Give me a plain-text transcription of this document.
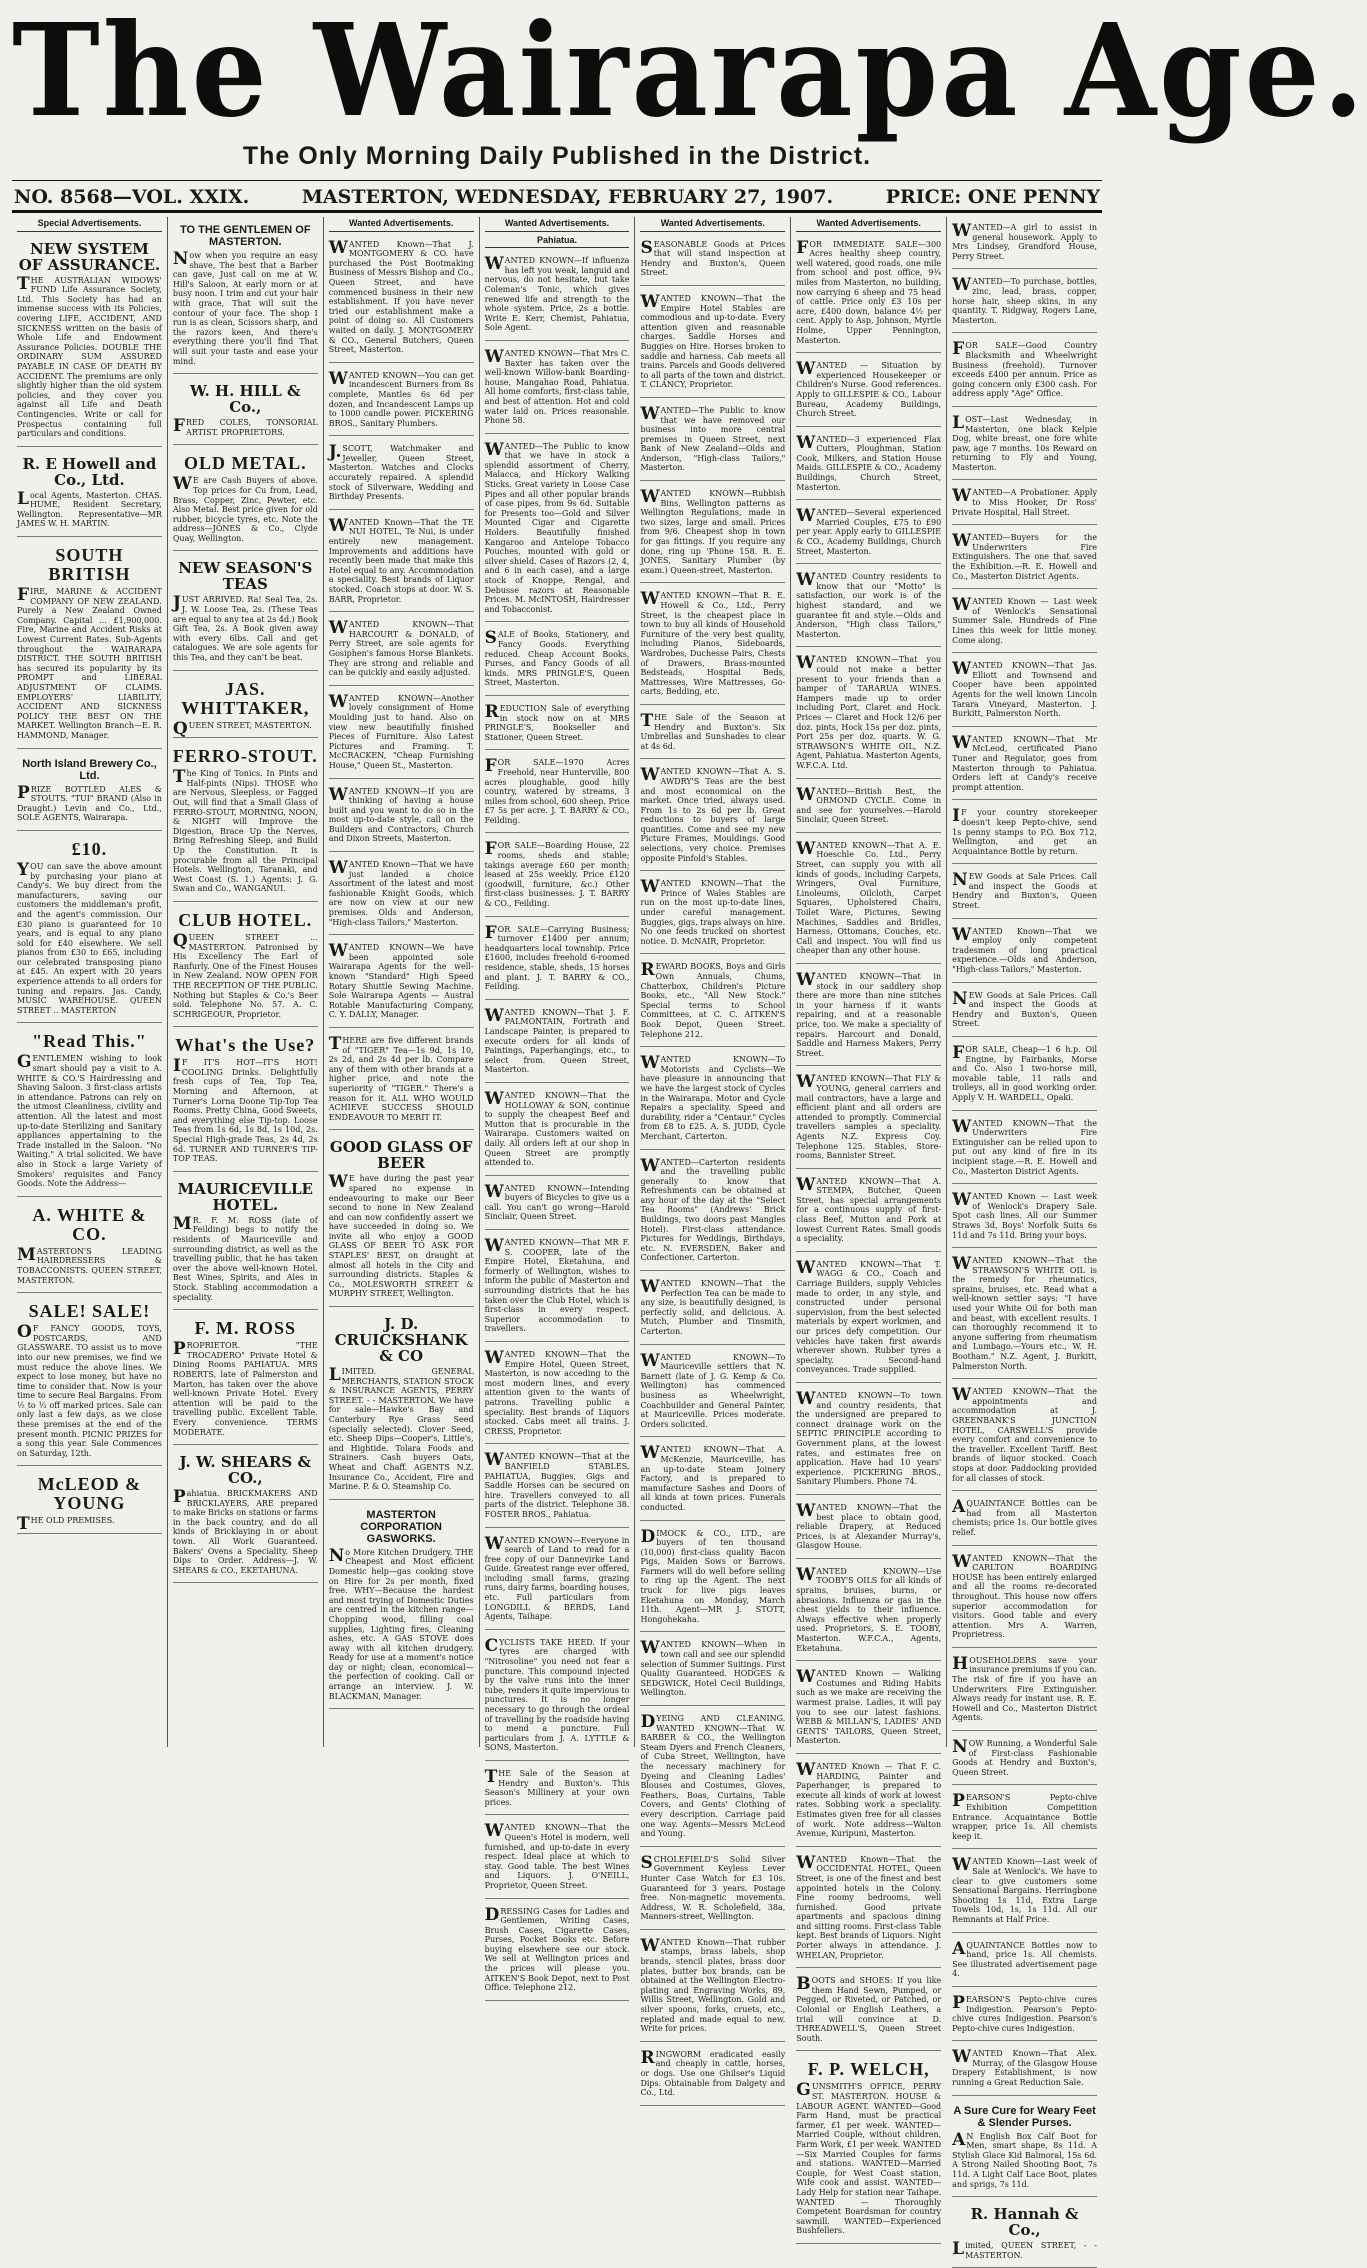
The Wairarapa Age.
The Only Morning Daily Published in the District.
NO. 8568—VOL. XXIX.	MASTERTON, WEDNESDAY, FEBRUARY 27, 1907.	PRICE: ONE PENNY
Special Advertisements.
NEW SYSTEM OF ASSURANCE.

THE AUSTRALIAN WIDOWS' FUND Life Assurance Society, Ltd. This Society has had an immense success with its Policies, covering LIFE, ACCIDENT, AND SICKNESS written on the basis of Whole Life and Endowment Assurance Policies. DOUBLE THE ORDINARY SUM ASSURED PAYABLE IN CASE OF DEATH BY ACCIDENT. The premiums are only slightly higher than the old system policies, and they cover you against all Life and Death Contingencies. Write or call for Prospectus containing full particulars and conditions.

R. E Howell and Co., Ltd.

Local Agents, Masterton. CHAS. HUME, Resident Secretary, Wellington. Representative—MR JAMES W. H. MARTIN.

SOUTH BRITISH

FIRE, MARINE & ACCIDENT COMPANY OF NEW ZEALAND. Purely a New Zealand Owned Company. Capital ... £1,900,000. Fire, Marine and Accident Risks at Lowest Current Rates. Sub-Agents throughout the WAIRARAPA DISTRICT. THE SOUTH BRITISH has secured its popularity by its PROMPT and LIBERAL ADJUSTMENT OF CLAIMS. EMPLOYERS' LIABILITY, ACCIDENT AND SICKNESS POLICY THE BEST ON THE MARKET. Wellington Branch—E. R. HAMMOND, Manager.

North Island Brewery Co., Ltd.

PRIZE BOTTLED ALES & STOUTS. "TUI" BRAND (Also in Draught.) Levin and Co., Ltd., SOLE AGENTS, Wairarapa.

£10.

YOU can save the above amount by purchasing your piano at Candy's. We buy direct from the manufacturers, saving our customers the middleman's profit, and the agent's commission. Our £30 piano is guaranteed for 10 years, and is equal to any piano sold for £40 elsewhere. We sell pianos from £30 to £65, including our celebrated transposing piano at £45. An expert with 20 years experience attends to all orders for tuning and repairs. Jas. Candy, MUSIC WAREHOUSE. QUEEN STREET .. MASTERTON

"Read This."

GENTLEMEN wishing to look smart should pay a visit to A. WHITE & CO.'S Hairdressing and Shaving Saloon. 3 first-class artists in attendance. Patrons can rely on the utmost Cleanliness, civility and attention. All the latest and most up-to-date Sterilizing and Sanitary appliances appertaining to the Trade installed in the Saloon. "No Waiting." A trial solicited. We have also in Stock a large Variety of Smokers' requisites and Fancy Goods. Note the Address—

A. WHITE & CO.

MASTERTON'S LEADING HAIRDRESSERS & TOBACCONISTS. QUEEN STREET, MASTERTON.

SALE! SALE!

OF FANCY GOODS, TOYS, POSTCARDS, AND GLASSWARE. TO assist us to move into our new premises, we find we must reduce the above lines. We expect to lose money, but have no time to consider that. Now is your time to secure Real Bargains. From ½ to ⅓ off marked prices. Sale can only last a few days, as we close these premises at the end of the present month. PICNIC PRIZES for a song this year. Sale Commences on Saturday, 12th.

McLEOD & YOUNG

THE OLD PREMISES.

TO THE GENTLEMEN OF MASTERTON.

Now when you require an easy shave, The best that a Barber can gave, Just call on me at W. Hill's Saloon, At early morn or at busy noon. I trim and cut your hair with grace, That will suit the contour of your face. The shop I run is as clean, Scissors sharp, and the razors keen, And there's everything there you'll find That will suit your taste and ease your mind.

W. H. HILL & Co.,

FRED COLES, TONSORIAL ARTIST. PROPRIETORS.

OLD METAL.

WE are Cash Buyers of above. Top prices for Cu from, Lead, Brass, Copper, Zinc, Pewter, etc. Also Metal. Best price given for old rubber, bicycle tyres, etc. Note the address—JONES & Co., Clyde Quay, Wellington.

NEW SEASON'S TEAS

JUST ARRIVED. Ra! Seal Tea, 2s. J. W. Loose Tea, 2s. (These Teas are equal to any tea at 2s 4d.) Book Gift Tea, 2s. A Book given away with every 6lbs. Call and get catalogues. We are sole agents for this Tea, and they can't be beat.

JAS. WHITTAKER,

QUEEN STREET, MASTERTON.

FERRO-STOUT.

The King of Tonics. In Pints and Half-pints (Nips). THOSE who are Nervous, Sleepless, or Fagged Out, will find that a Small Glass of FERRO-STOUT, MORNING, NOON, & NIGHT will Improve the Digestion, Brace Up the Nerves, Bring Refreshing Sleep, and Build Up the Constitution. It is procurable from all the Principal Hotels. Wellington, Taranaki, and West Coast (S. 1.) Agents: J. G. Swan and Co., WANGANUI.

CLUB HOTEL.

QUEEN STREET ... MASTERTON. Patronised by His Excellency The Earl of Ranfurly. One of the Finest Houses in New Zealand. NOW OPEN FOR THE RECEPTION OF THE PUBLIC. Nothing but Staples & Co.'s Beer sold. Telephone No. 57. A. C. SCHRIGEOUR, Proprietor.

What's the Use?

IF IT'S HOT—IT'S HOT! COOLING Drinks. Delightfully fresh cups of Tea, Top Tea, Morning and Afternoon, at Turner's Lorna Doone Tip-Top Tea Rooms. Pretty China, Good Sweets, and everything else Tip-top. Loose Teas from 1s 6d, 1s 8d, 1s 10d, 2s. Special High-grade Teas, 2s 4d, 2s 6d. TURNER AND TURNER'S TIP-TOP TEAS.

MAURICEVILLE HOTEL.

MR. F. M. ROSS (late of Feilding) begs to notify the residents of Mauriceville and surrounding district, as well as the travelling public, that he has taken over the above well-known Hotel. Best Wines, Spirits, and Ales in Stock. Stabling accommodation a speciality.

F. M. ROSS

PROPRIETOR. "THE TROCADERO" Private Hotel & Dining Rooms PAHIATUA. MRS ROBERTS, late of Palmerston and Marton, has taken over the above well-known Private Hotel. Every attention will be paid to the travelling public. Excellent Table. Every convenience. TERMS MODERATE.

J. W. SHEARS & CO.,

Pahiatua. BRICKMAKERS AND BRICKLAYERS, ARE prepared to make Bricks on stations or farms in the back country, and do all kinds of Bricklaying in or about town. All Work Guaranteed. Bakers' Ovens a Speciality. Sheep Dips to Order. Address—J. W. SHEARS & CO., EKETAHUNA.

Wanted Advertisements.

WANTED Known—That J. MONTGOMERY & CO. have purchased the Post Bootmaking Business of Messrs Bishop and Co., Queen Street, and have commenced business in their new establishment. If you have never tried our establishment make a point of doing so. All Customers waited on daily. J. MONTGOMERY & CO., General Butchers, Queen Street, Masterton.

WANTED KNOWN—You can get incandescent Burners from 8s complete, Mantles 6s 6d per dozen, and Incandescent Lamps up to 1000 candle power. PICKERING BROS., Sanitary Plumbers.

J.SCOTT, Watchmaker and Jeweller, Queen Street, Masterton. Watches and Clocks accurately repaired. A splendid stock of Silverware, Wedding and Birthday Presents.

WANTED Known—That the TE NUI HOTEL, Te Nui, is under entirely new management. Improvements and additions have recently been made that make this Hotel equal to any. Accommodation a speciality. Best brands of Liquor stocked. Coach stops at door. W. S. BARR, Proprietor.

WANTED KNOWN—That HARCOURT & DONALD, of Perry Street, are sole agents for Gosiphen's famous Horse Blankets. They are strong and reliable and can be quickly and easily adjusted.

WANTED KNOWN—Another lovely consignment of Home Moulding just to hand. Also on view new beautifully finished Pieces of Furniture. Also Latest Pictures and Framing. T. McCRACKEN, "Cheap Furnishing House," Queen St., Masterton.

WANTED KNOWN—If you are thinking of having a house built and you want to do so in the most up-to-date style, call on the Builders and Contractors, Church and Dixon Streets, Masterton.

WANTED Known—That we have just landed a choice Assortment of the latest and most fashionable Knight Goods, which are now on view at our new premises. Olds and Anderson, "High-class Tailors," Masterton.

WANTED KNOWN—We have been appointed sole Wairarapa Agents for the well-known "Standard" High Speed Rotary Shuttle Sewing Machine. Sole Wairarapa Agents — Austral Rotable Manufacturing Company, C. Y. DALLY, Manager.

THERE are five different brands of "TIGER" Tea—1s 9d, 1s 10, 2s 2d, and 2s 4d per lb. Compare any of them with other brands at a higher price, and note the superiority of "TIGER." There's a reason for it. ALL WHO WOULD ACHIEVE SUCCESS SHOULD ENDEAVOUR TO MERIT IT.

GOOD GLASS OF BEER

WE have during the past year spared no expense in endeavouring to make our Beer second to none in New Zealand and can now confidently assert we have succeeded in doing so. We invite all who enjoy a GOOD GLASS OF BEER TO ASK FOR STAPLES' BEST, on draught at almost all hotels in the City and surrounding districts. Staples & Co., MOLESWORTH STREET & MURPHY STREET, Wellington.

J. D. CRUICKSHANK & CO

LIMITED. GENERAL MERCHANTS, STATION STOCK & INSURANCE AGENTS, PERRY STREET. - - MASTERTON. We have for sale—Hawke's Bay and Canterbury Rye Grass Seed (specially selected). Clover Seed, etc. Sheep Dips—Cooper's, Little's, and Hightide. Tolara Foods and Strainers. Cash buyers Oats, Wheat and Chaff. AGENTS N.Z. Insurance Co., Accident, Fire and Marine. P. & O. Steamship Co.

MASTERTON CORPORATION GASWORKS.

No More Kitchen Drudgery. THE Cheapest and Most efficient Domestic help—gas cooking stove on Hire for 2s per month, fixed free. WHY—Because the hardest and most trying of Domestic Duties are centred in the kitchen range—Chopping wood, filling coal supplies, Lighting fires, Cleaning ashes, etc. A GAS STOVE does away with all kitchen drudgery. Ready for use at a moment's notice day or night; clean, economical—the perfection of cooking. Call or arrange an interview. J. W. BLACKMAN, Manager.

Wanted Advertisements.
Pahiatua.

WANTED KNOWN—If influenza has left you weak, languid and nervous, do not hesitate, but take Coleman's Tonic, which gives renewed life and strength to the whole system. Price, 2s a bottle. Write E. Kerr, Chemist, Pahiatua, Sole Agent.

WANTED KNOWN—That Mrs C. Baxter has taken over the well-known Willow-bank Boarding-house, Mangahao Road, Pahiatua. All home comforts, first-class table, and best of attention. Hot and cold water laid on. Prices reasonable. Phone 58.

WANTED—The Public to know that we have in stock a splendid assortment of Cherry, Malacca, and Hickory Walking Sticks. Great variety in Loose Case Pipes and all other popular brands of case pipes, from 9s 6d. Suitable for Presents too—Gold and Silver Mounted Cigar and Cigarette Holders. Beautifully finished Kangaroo and Antelope Tobacco Pouches, mounted with gold or silver shield. Cases of Razors (2, 4, and 6 in each case), and a large stock of Knoppe, Rengal, and Debusse razors at Reasonable Prices. M. McINTOSH, Hairdresser and Tobacconist.

SALE of Books, Stationery, and Fancy Goods. Everything reduced. Cheap Account Books, Purses, and Fancy Goods of all kinds. MRS PRINGLE'S, Queen Street, Masterton.

REDUCTION Sale of everything in stock now on at MRS PRINGLE'S, Bookseller and Stationer, Queen Street.

FOR SALE—1970 Acres Freehold, near Hunterville, 800 acres ploughable, good hilly country, watered by streams, 3 miles from school, 600 sheep. Price £7 5s per acre. J. T. BARRY & CO., Feilding.

FOR SALE—Boarding House, 22 rooms, sheds and stable; takings average £60 per month; leased at 25s weekly. Price £120 (goodwill, furniture, &c.) Other first-class businesses. J. T. BARRY & CO., Feilding.

FOR SALE—Carrying Business; turnover £1400 per annum; headquarters local township. Price £1600, includes freehold 6-roomed residence, stable, sheds, 15 horses and plant. J. T. BARRY & CO., Feilding.

WANTED KNOWN—That J. F. PALMONTAIN, Fortrath and Landscape Painter, is prepared to execute orders for all kinds of Paintings, Paperhangings, etc., to select from. Queen Street, Masterton.

WANTED KNOWN—That the HOLLOWAY & SON, continue to supply the cheapest Beef and Mutton that is procurable in the Wairarapa. Customers waited on daily. All orders left at our shop in Queen Street are promptly attended to.

WANTED KNOWN—Intending buyers of Bicycles to give us a call. You can't go wrong—Harold Sinclair, Queen Street.

WANTED KNOWN—That MR F. S. COOPER, late of the Empire Hotel, Eketahuna, and formerly of Wellington, wishes to inform the public of Masterton and surrounding districts that he has taken over the Club Hotel, which is first-class in every respect. Superior accommodation to travellers.

WANTED KNOWN—That the Empire Hotel, Queen Street, Masterton, is now acceding to the most modern lines, and every attention given to the wants of patrons. Travelling public a speciality. Best brands of Liquors stocked. Cabs meet all trains. J. CRESS, Proprietor.

WANTED KNOWN—That at the BANFIELD STABLES, PAHIATUA, Buggies, Gigs and Saddle Horses can be secured on hire. Travellers conveyed to all parts of the district. Telephone 38. FOSTER BROS., Pahiatua.

WANTED KNOWN—Everyone in search of Land to read for a free copy of our Dannevirke Land Guide. Greatest range ever offered, including small farms, grazing runs, dairy farms, boarding houses, etc. Full particulars from LONGDILL & BERDS, Land Agents, Taihape.

CYCLISTS TAKE HEED. If your tyres are charged with "Nitrosoline" you need not fear a puncture. This compound injected by the valve runs into the inner tube, renders it quite impervious to punctures. It is no longer necessary to go through the ordeal of travelling by the roadside having to mend a puncture. Full particulars from J. A. LYTTLE & SONS, Masterton.

THE Sale of the Season at Hendry and Buxton's. This Season's Millinery at your own prices.

WANTED KNOWN—That the Queen's Hotel is modern, well furnished, and up-to-date in every respect. Ideal place at which to stay. Good table. The best Wines and Liquors. J. O'NEILL, Proprietor, Queen Street.

DRESSING Cases for Ladies and Gentlemen, Writing Cases, Brush Cases, Cigarette Cases, Purses, Pocket Books etc. Before buying elsewhere see our stock. We sell at Wellington prices and the prices will please you. AITKEN'S Book Depot, next to Post Office. Telephone 212.

Wanted Advertisements.

SEASONABLE Goods at Prices that will stand inspection at Hendry and Buxton's, Queen Street.

WANTED KNOWN—That the Empire Hotel Stables are commodious and up-to-date. Every attention given and reasonable charges. Saddle Horses and Buggies on Hire. Horses broken to saddle and harness. Cab meets all trains. Parcels and Goods delivered to all parts of the town and district. T. CLANCY, Proprietor.

WANTED—The Public to know that we have removed our business into more central premises in Queen Street, next Bank of New Zealand—Olds and Anderson, "High-class Tailors," Masterton.

WANTED KNOWN—Rubbish Bins, Wellington patterns as Wellington Regulations, made in two sizes, large and small. Prices from 9/6. Cheapest shop in town for gas fittings. If you require any done, ring up 'Phone 158. R. E. JONES, Sanitary Plumber (by exam.) Queen-street, Masterton.

WANTED KNOWN—That R. E. Howell & Co., Ltd., Perry Street, is the cheapest place in town to buy all kinds of Household Furniture of the very best quality, including Pianos, Sideboards, Wardrobes, Duchesse Pairs, Chests of Drawers, Brass-mounted Bedsteads, Hospital Beds, Mattresses, Wire Mattresses, Go-carts, Bedding, etc.

THE Sale of the Season at Hendry and Buxton's. Six Umbrellas and Sunshades to clear at 4s 6d.

WANTED KNOWN—That A. S. AWDRY'S Teas are the best and most economical on the market. Once tried, always used. From 1s to 2s 6d per lb. Great reductions to buyers of large quantities. Come and see my new Picture Frames, Mouldings. Good selections, very choice. Premises opposite Pinfold's Stables.

WANTED KNOWN—That the Prince of Wales Stables are run on the most up-to-date lines, under careful management. Buggies, gigs, traps always on hire. No one feeds trucked on shortest notice. D. McNAIR, Proprietor.

REWARD BOOKS, Boys and Girls Own Annuals, Chums, Chatterbox, Children's Picture Books, etc., "All New Stock." Special terms to School Committees, at C. C. AITKEN'S Book Depot, Queen Street. Telephone 212.

WANTED KNOWN—To Motorists and Cyclists—We have pleasure in announcing that we have the largest stock of Cycles in the Wairarapa. Motor and Cycle Repairs a speciality. Speed and durability, rider a "Centaur." Cycles from £8 to £25. A. S. JUDD, Cycle Merchant, Carterton.

WANTED—Carterton residents and the travelling public generally to know that Refreshments can be obtained at any hour of the day at the "Select Tea Rooms" (Andrews' Brick Buildings, two doors past Mangles Hotel). First-class attendance. Pictures for Weddings, Birthdays, etc. N. EVERSDEN, Baker and Confectioner, Carterton.

WANTED KNOWN—That the Perfection Tea can be made to any size, is beautifully designed, is perfectly solid, and delicious. A. Mutch, Plumber and Tinsmith, Carterton.

WANTED KNOWN—To Mauriceville settlers that N. Barnett (late of J. G. Kemp & Co. Wellington) has commenced business as Wheelwright, Coachbuilder and General Painter, at Mauriceville. Prices moderate. Orders solicited.

WANTED KNOWN—That A. McKenzie, Mauriceville, has an up-to-date Steam Joinery Factory, and is prepared to manufacture Sashes and Doors of all kinds at town prices. Funerals conducted.

DIMOCK & CO., LTD., are buyers of ten thousand (10,000) first-class quality Bacon Pigs, Maiden Sows or Barrows. Farmers will do well before selling to ring up the Agent. The next truck for live pigs leaves Eketahuna on Monday, March 11th. Agent—MR J. STOTT, Hongohekaha.

WANTED KNOWN—When in town call and see our splendid selection of Summer Suitings. First Quality Guaranteed. HODGES & SEDGWICK, Hotel Cecil Buildings, Wellington.

DYEING AND CLEANING. WANTED KNOWN—That W. BARBER & CO., the Wellington Steam Dyers and French Cleaners, of Cuba Street, Wellington, have the necessary machinery for Dyeing and Cleaning Ladies' Blouses and Costumes, Gloves, Feathers, Boas, Curtains, Table Covers, and Gents' Clothing of every description. Carriage paid one way. Agents—Messrs McLeod and Young.

SCHOLEFIELD'S Solid Silver Government Keyless Lever Hunter Case Watch for £3 10s. Guaranteed for 3 years. Postage free. Non-magnetic movements. Address, W. R. Scholefield, 38a, Manners-street, Wellington.

WANTED Known—That rubber stamps, brass labels, shop brands, stencil plates, brass door plates, butter box brands, can be obtained at the Wellington Electro-plating and Engraving Works, 89, Willis Street, Wellington. Gold and silver spoons, forks, cruets, etc., replated and made equal to new. Write for prices.

RINGWORM eradicated easily and cheaply in cattle, horses, or dogs. Use one Ghilser's Liquid Dips. Obtainable from Dalgety and Co., Ltd.

Wanted Advertisements.

FOR IMMEDIATE SALE—300 Acres healthy sheep country, well watered, good roads, one mile from school and post office, 9¾ miles from Masterton, no building, now carrying 6 sheep and 75 head of cattle. Price only £3 10s per acre, £400 down, balance 4½ per cent. Apply to Asp, Johnson, Myrtle Holme, Upper Pennington, Masterton.

WANTED — Situation by experienced Housekeeper or Children's Nurse. Good references. Apply to GILLESPIE & CO., Labour Bureau, Academy Buildings, Church Street.

WANTED—3 experienced Flax Cutters, Ploughman, Station Cook, Milkers, and Station House Maids. GILLESPIE & CO., Academy Buildings, Church Street, Masterton.

WANTED—Several experienced Married Couples, £75 to £90 per year. Apply early to GILLESPIE & CO., Academy Buildings, Church Street, Masterton.

WANTED Country residents to know that our "Motto" is satisfaction, our work is of the highest standard, and we guarantee fit and style.—Olds and Anderson, "High class Tailors," Masterton.

WANTED KNOWN—That you could not make a better present to your friends than a hamper of TARARUA WINES. Hampers made up to order including Port, Claret and Hock. Prices — Claret and Hock 12/6 per doz. pints, Hock 15s per doz. pints, Port 25s per doz. quarts. W. G. STRAWSON'S WHITE OIL, N.Z. Agent, Pahiatua. Masterton Agents, W.F.C.A. Ltd.

WANTED—British Best, the ORMOND CYCLE. Come in and see for yourselves.—Harold Sinclair, Queen Street.

WANTED KNOWN—That A. E. Hoeschle Co. Ltd., Perry Street, can supply you with all kinds of goods, including Carpets, Wringers, Oval Furniture, Linoleums, Oilcloth, Carpet Squares, Upholstered Chairs, Toilet Ware, Pictures, Sewing Machines, Saddles and Bridles, Harness, Ottomans, Couches, etc. Call and inspect. You will find us cheaper than any other house.

WANTED KNOWN—That in stock in our saddlery shop there are more than nine stitches in your harness if it wants repairing, and at a reasonable price, too. We make a speciality of repairs. Harcourt and Donald, Saddle and Harness Makers, Perry Street.

WANTED KNOWN—That FLY & YOUNG, general carriers and mail contractors, have a large and efficient plant and all orders are attended to promptly. Commercial travellers samples a speciality. Agents N.Z. Express Coy. Telephone 125. Stables, Store-rooms, Bannister Street.

WANTED KNOWN—That A. STEMPA, Butcher, Queen Street, has special arrangements for a continuous supply of first-class Beef, Mutton and Pork at lowest Current Rates. Small goods a speciality.

WANTED KNOWN—That T. WAGG & CO., Coach and Carriage Builders, supply Vehicles made to order, in any style, and constructed under personal supervision, from the best selected materials by expert workmen, and our prices defy competition. Our vehicles have taken first awards wherever shown. Rubber tyres a specialty. Second-hand conveyances. Trade supplied.

WANTED KNOWN—To town and country residents, that the undersigned are prepared to connect drainage work on the SEPTIC PRINCIPLE according to Government plans, at the lowest rates, and estimates free on application. Have had 10 years' experience. PICKERING BROS., Sanitary Plumbers. Phone 74.

WANTED KNOWN—That the best place to obtain good, reliable Drapery, at Reduced Prices, is at Alexander Murray's, Glasgow House.

WANTED KNOWN—Use TOOBY'S OILS for all kinds of sprains, bruises, burns, or abrasions. Influenza or gas in the chest yields to their influence. Always effective when properly used. Proprietors, S. E. TOOBY, Masterton. W.F.C.A., Agents, Eketahuna.

WANTED Known — Walking Costumes and Riding Habits such as we make are receiving the warmest praise. Ladies, it will pay you to see our latest fashions. WEBB & MILLAN'S, LADIES' AND GENTS' TAILORS, Queen Street, Masterton.

WANTED Known — That F. C. HARDING, Painter and Paperhanger, is prepared to execute all kinds of work at lowest rates. Sobbing work a speciality. Estimates given free for all classes of work. Note address—Walton Avenue, Kuripuni, Masterton.

WANTED Known—That the OCCIDENTAL HOTEL, Queen Street, is one of the finest and best appointed hotels in the Colony. Fine roomy bedrooms, well furnished. Good private apartments and spacious dining and sitting rooms. First-class Table kept. Best brands of Liquors. Night Porter always in attendance. J. WHELAN, Proprietor.

BOOTS and SHOES: If you like them Hand Sewn, Pumped, or Pegged, or Riveted, or Patched, or Colonial or English Leathers, a trial will convince at D. THREADWELL'S, Queen Street South.

F. P. WELCH,

GUNSMITH'S OFFICE, PERRY ST. MASTERTON. HOUSE & LABOUR AGENT. WANTED—Good Farm Hand, must be practical farmer, £1 per week. WANTED—Married Couple, without children, Farm Work, £1 per week. WANTED—Six Married Couples for farms and stations. WANTED—Married Couple, for West Coast station, Wife cook and assist. WANTED—Lady Help for station near Taihape. WANTED — Thoroughly Competent Boardsman for country sawmill. WANTED—Experienced Bushfellers.

WANTED—A girl to assist in general housework. Apply to Mrs Lindsey, Grandford House, Perry Street.

WANTED—To purchase, bottles, zinc, lead, brass, copper, horse hair, sheep skins, in any quantity. T. Ridgway, Rogers Lane, Masterton.

FOR SALE—Good Country Blacksmith and Wheelwright Business (freehold). Turnover exceeds £400 per annum. Price as going concern only £300 cash. For address apply "Age" Office.

LOST—Last Wednesday, in Masterton, one black Kelpie Dog, white breast, one fore white paw, age 7 months. 10s Reward on returning to Fly and Young, Masterton.

WANTED—A Probationer. Apply to Miss Hooker, Dr Ross' Private Hospital, Hall Street.

WANTED—Buyers for the Underwriters Fire Extinguishers. The one that saved the Exhibition.—R. E. Howell and Co., Masterton District Agents.

WANTED Known — Last week of Wenlock's Sensational Summer Sale. Hundreds of Fine Lines this week for little money. Come along.

WANTED KNOWN—That Jas. Elliott and Townsend and Cooper have been appointed Agents for the well known Lincoln Tarara Vineyard, Masterton. J. Burkitt, Palmerston North.

WANTED KNOWN—That Mr McLeod, certificated Piano Tuner and Regulator, goes from Masterton through to Pahiatua. Orders left at Candy's receive prompt attention.

IF your country storekeeper doesn't keep Pepto-chive, send 1s penny stamps to P.O. Box 712, Wellington, and get an Acquaintance Bottle by return.

NEW Goods at Sale Prices. Call and inspect the Goods at Hendry and Buxton's, Queen Street.

WANTED Known—That we employ only competent tradesmen of long practical experience.—Olds and Anderson, "High-class Tailors," Masterton.

NEW Goods at Sale Prices. Call and inspect the Goods at Hendry and Buxton's, Queen Street.

FOR SALE, Cheap—1 6 h.p. Oil Engine, by Fairbanks, Morse and Co. Also 1 two-horse mill, movable table, 11 rails and trolleys, all in good working order. Apply V. H. WARDELL, Opaki.

WANTED KNOWN—That the Underwriters Fire Extinguisher can be relied upon to put out any kind of fire in its incipient stage.—R. E. Howell and Co., Masterton District Agents.

WANTED Known — Last week of Wenlock's Drapery Sale. Spot cash lines. All our Summer Straws 3d, Boys' Norfolk Suits 6s 11d and 7s 11d. Bring your boys.

WANTED KNOWN—That the STRAWSON'S WHITE OIL is the remedy for rheumatics, sprains, bruises, etc. Read what a well-known settler says: "I have used your White Oil for both man and beast, with excellent results. I can thoroughly recommend it to anyone suffering from rheumatism and Lumbago.—Yours etc., W. H. Bootham." N.Z. Agent, J. Burkitt, Palmerston North.

WANTED KNOWN—That the appointments and accommodation at J. GREENBANK'S JUNCTION HOTEL, CARSWELL'S provide every comfort and convenience to the traveller. Excellent Tariff. Best brands of liquor stocked. Coach stops at door. Paddocking provided for all classes of stock.

AQUAINTANCE Bottles can be had from all Masterton chemists; price 1s. Our bottle gives relief.

WANTED KNOWN—That the CARLTON BOARDING HOUSE has been entirely enlarged and all the rooms re-decorated throughout. This house now offers superior accommodation for visitors. Good table and every attention. Mrs A. Warren, Proprietress.

HOUSEHOLDERS save your insurance premiums if you can. The risk of fire if you have an Underwriters Fire Extinguisher. Always ready for instant use. R. E. Howell and Co., Masterton District Agents.

NOW Running, a Wonderful Sale of First-class Fashionable Goods at Hendry and Buxton's, Queen Street.

PEARSON'S Pepto-chive Exhibition Competition Entrance. Acquaintance Bottle wrapper, price 1s. All chemists keep it.

WANTED Known—Last week of Sale at Wenlock's. We have to clear to give customers some Sensational Bargains. Herringbone Shooting 1s 11d, Extra Large Towels 10d, 1s, 1s 11d. All our Remnants at Half Price.

AQUAINTANCE Bottles now to hand, price 1s. All chemists. See illustrated advertisement page 4.

PEARSON'S Pepto-chive cures Indigestion. Pearson's Pepto-chive cures Indigestion. Pearson's Pepto-chive cures Indigestion.

WANTED Known—That Alex. Murray, of the Glasgow House Drapery Establishment, is now running a Great Reduction Sale.

A Sure Cure for Weary Feet & Slender Purses.

AN English Box Calf Boot for Men, smart shape, 8s 11d. A Stylish Glace Kid Balmoral, 15s 6d. A Strong Nailed Shooting Boot, 7s 11d. A Light Calf Lace Boot, plates and sprigs, 7s 11d.

R. Hannah & Co.,

Limited, QUEEN STREET, - - MASTERTON.
